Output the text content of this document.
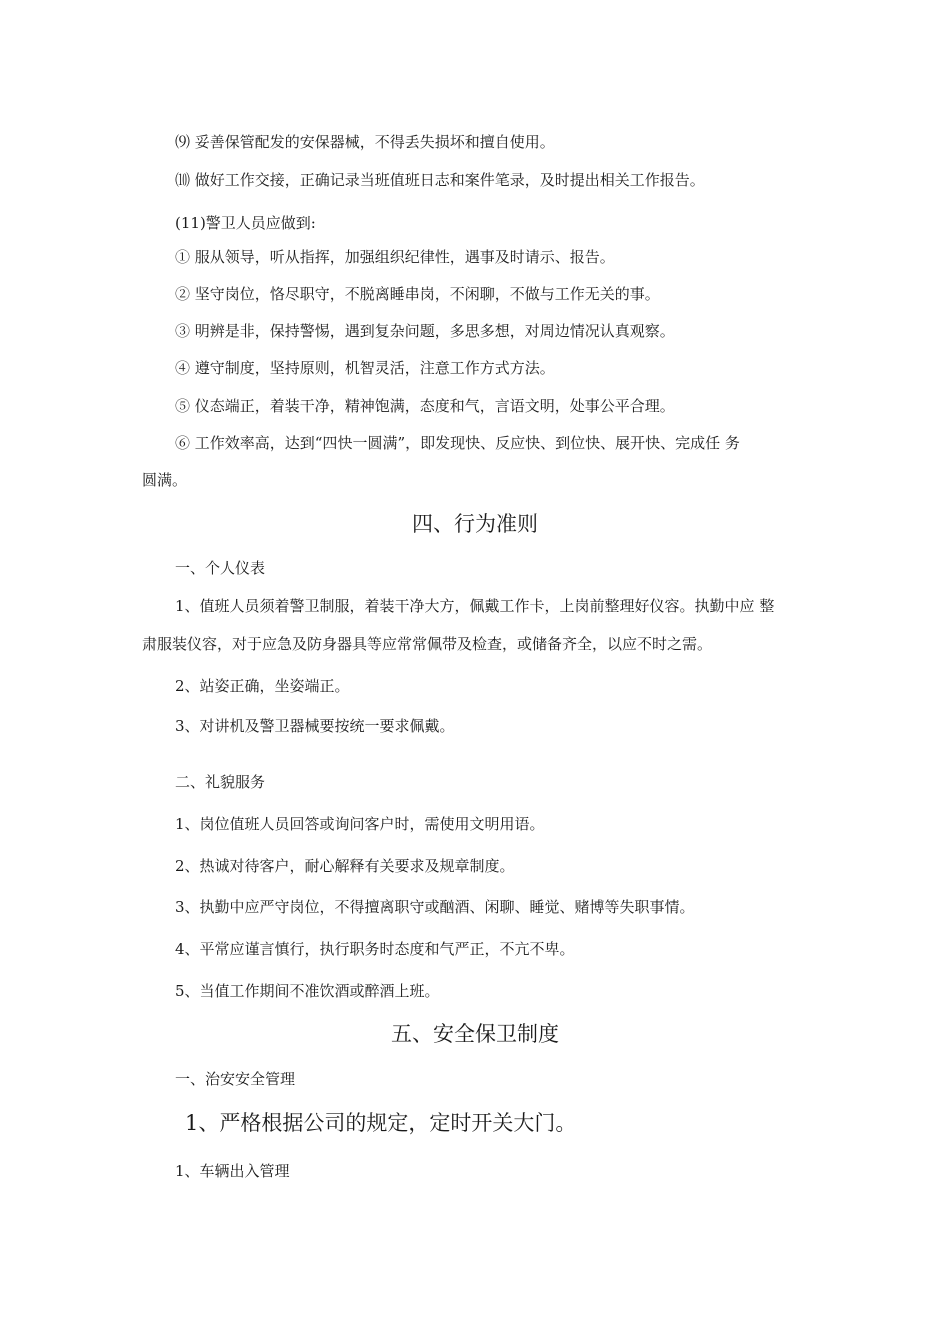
⑼ 妥善保管配发的安保器械，不得丢失损坏和擅自使用。
⑽ 做好工作交接，正确记录当班值班日志和案件笔录，及时提出相关工作报告。
(11)警卫人员应做到:
① 服从领导，听从指挥，加强组织纪律性，遇事及时请示、报告。
② 坚守岗位，恪尽职守，不脱离睡串岗，不闲聊，不做与工作无关的事。
③ 明辨是非，保持警惕，遇到复杂问题，多思多想，对周边情况认真观察。
④ 遵守制度，坚持原则，机智灵活，注意工作方式方法。
⑤ 仪态端正，着装干净，精神饱满，态度和气，言语文明，处事公平合理。
⑥ 工作效率高，达到“四快一圆满”，即发现快、反应快、到位快、展开快、完成任 务
圆满。
四、行为准则
一、个人仪表
1、值班人员须着警卫制服，着装干净大方，佩戴工作卡，上岗前整理好仪容。执勤中应 整
肃服装仪容，对于应急及防身器具等应常常佩带及检查，或储备齐全，以应不时之需。
2、站姿正确，坐姿端正。
3、对讲机及警卫器械要按统一要求佩戴。
二、礼貌服务
1、岗位值班人员回答或询问客户时，需使用文明用语。
2、热诚对待客户，耐心解释有关要求及规章制度。
3、执勤中应严守岗位，不得擅离职守或酗酒、闲聊、睡觉、赌博等失职事情。
4、平常应谨言慎行，执行职务时态度和气严正，不亢不卑。
5、当值工作期间不准饮酒或醉酒上班。
五、安全保卫制度
一、治安安全管理
1、严格根据公司的规定，定时开关大门。
1、车辆出入管理
